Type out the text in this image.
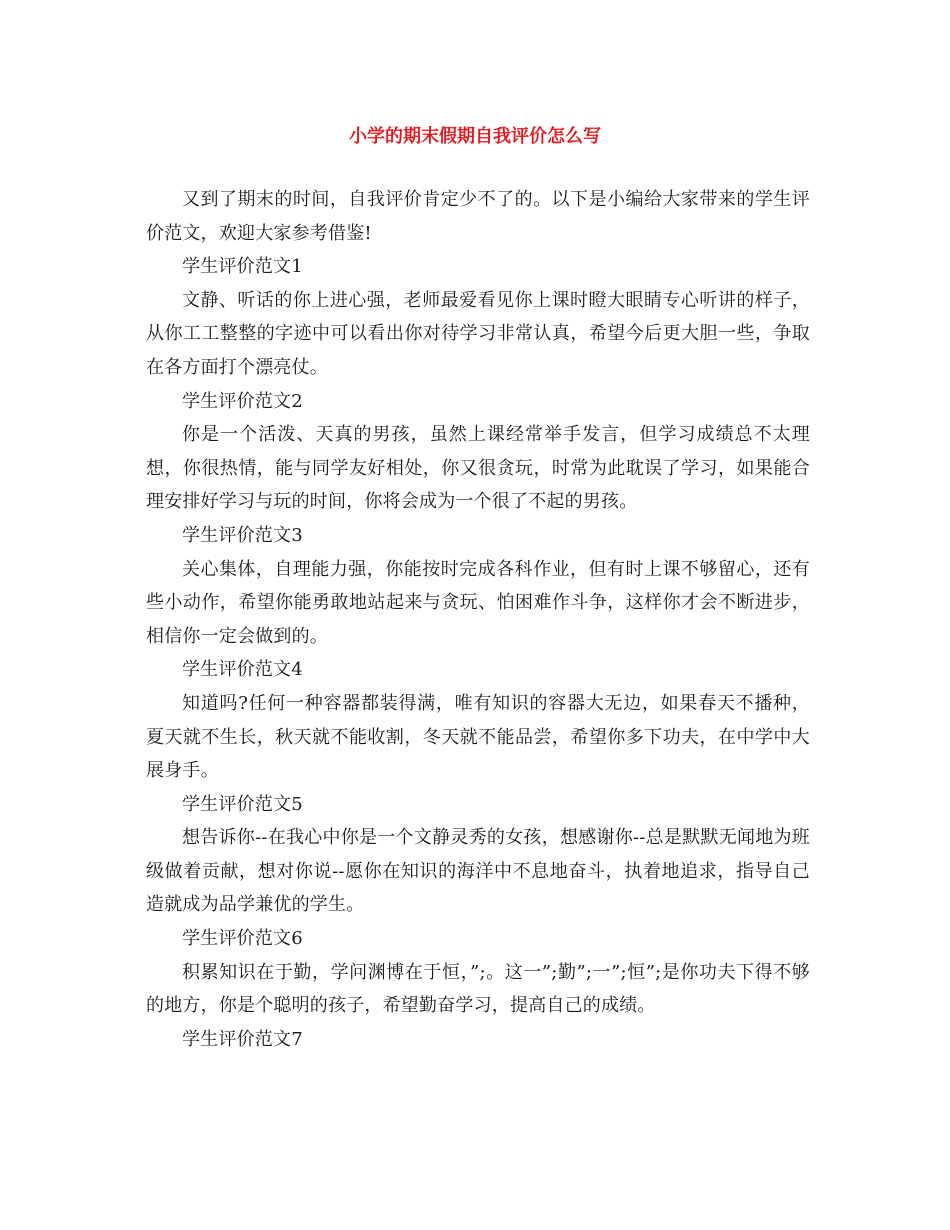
小学的期末假期自我评价怎么写

又到了期末的时间，自我评价肯定少不了的。以下是小编给大家带来的学生评价范文，欢迎大家参考借鉴!

学生评价范文1

文静、听话的你上进心强，老师最爱看见你上课时瞪大眼睛专心听讲的样子，从你工工整整的字迹中可以看出你对待学习非常认真，希望今后更大胆一些，争取在各方面打个漂亮仗。

学生评价范文2

你是一个活泼、天真的男孩，虽然上课经常举手发言，但学习成绩总不太理想，你很热情，能与同学友好相处，你又很贪玩，时常为此耽误了学习，如果能合理安排好学习与玩的时间，你将会成为一个很了不起的男孩。

学生评价范文3

关心集体，自理能力强，你能按时完成各科作业，但有时上课不够留心，还有些小动作，希望你能勇敢地站起来与贪玩、怕困难作斗争，这样你才会不断进步，相信你一定会做到的。

学生评价范文4

知道吗?任何一种容器都装得满，唯有知识的容器大无边，如果春天不播种，夏天就不生长，秋天就不能收割，冬天就不能品尝，希望你多下功夫，在中学中大展身手。

学生评价范文5

想告诉你--在我心中你是一个文静灵秀的女孩，想感谢你--总是默默无闻地为班级做着贡献，想对你说--愿你在知识的海洋中不息地奋斗，执着地追求，指导自己造就成为品学兼优的学生。

学生评价范文6

积累知识在于勤，学问渊博在于恒，”;。这一”;勤”;一”;恒”;是你功夫下得不够的地方，你是个聪明的孩子，希望勤奋学习，提高自己的成绩。

学生评价范文7
